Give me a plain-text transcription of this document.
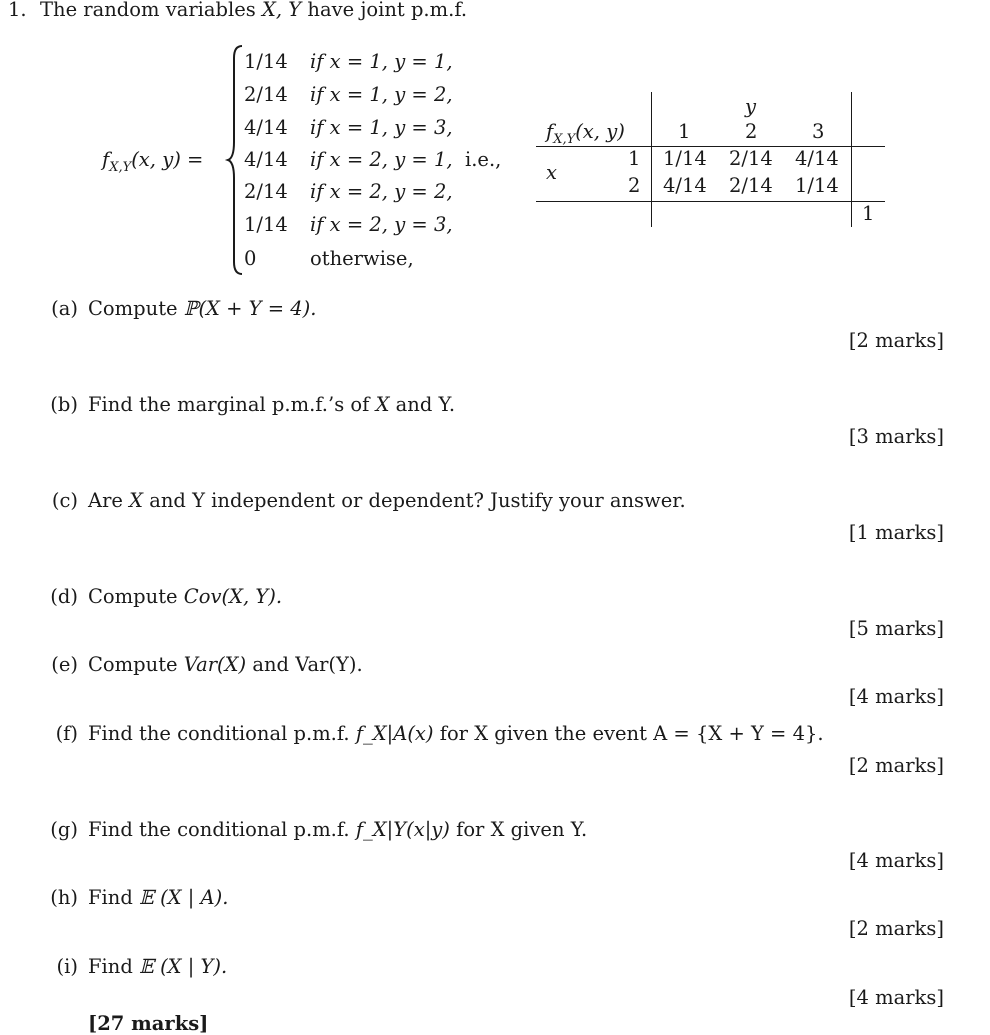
1. The random variables X, Y have joint p.m.f.
$f_{X,Y}(x$, y) =
1/14	if x = 1, y = 1,
2/14	if x = 1, y = 2,
4/14	if x = 1, y = 3,
4/14	if x = 2, y = 1,
2/14	if x = 2, y = 2,
1/14	if x = 2, y = 3,
0	otherwise,
i.e.,
y
$f_{X,Y}(x$, y)	1	2	3
x
1 1/14 2/14 4/14
2 4/14 2/14 1/14
1
(a) Compute ℙ(X + Y = 4).
[2 marks]
(b) Find the marginal p.m.f.’s of X and Y.
[3 marks]
(c) Are X and Y independent or dependent? Justify your answer.
[1 marks]
(d) Compute Cov(X, Y).
[5 marks]
(e) Compute Var(X) and Var(Y).
[4 marks]
(f) Find the conditional p.m.f. f_X|A(x) for X given the event A = {X + Y = 4}.
[2 marks]
(g) Find the conditional p.m.f. f_X|Y(x|y) for X given Y.
[4 marks]
(h) Find 𝔼 (X | A).
[2 marks]
(i) Find 𝔼 (X | Y).
[4 marks]
[27 marks]
